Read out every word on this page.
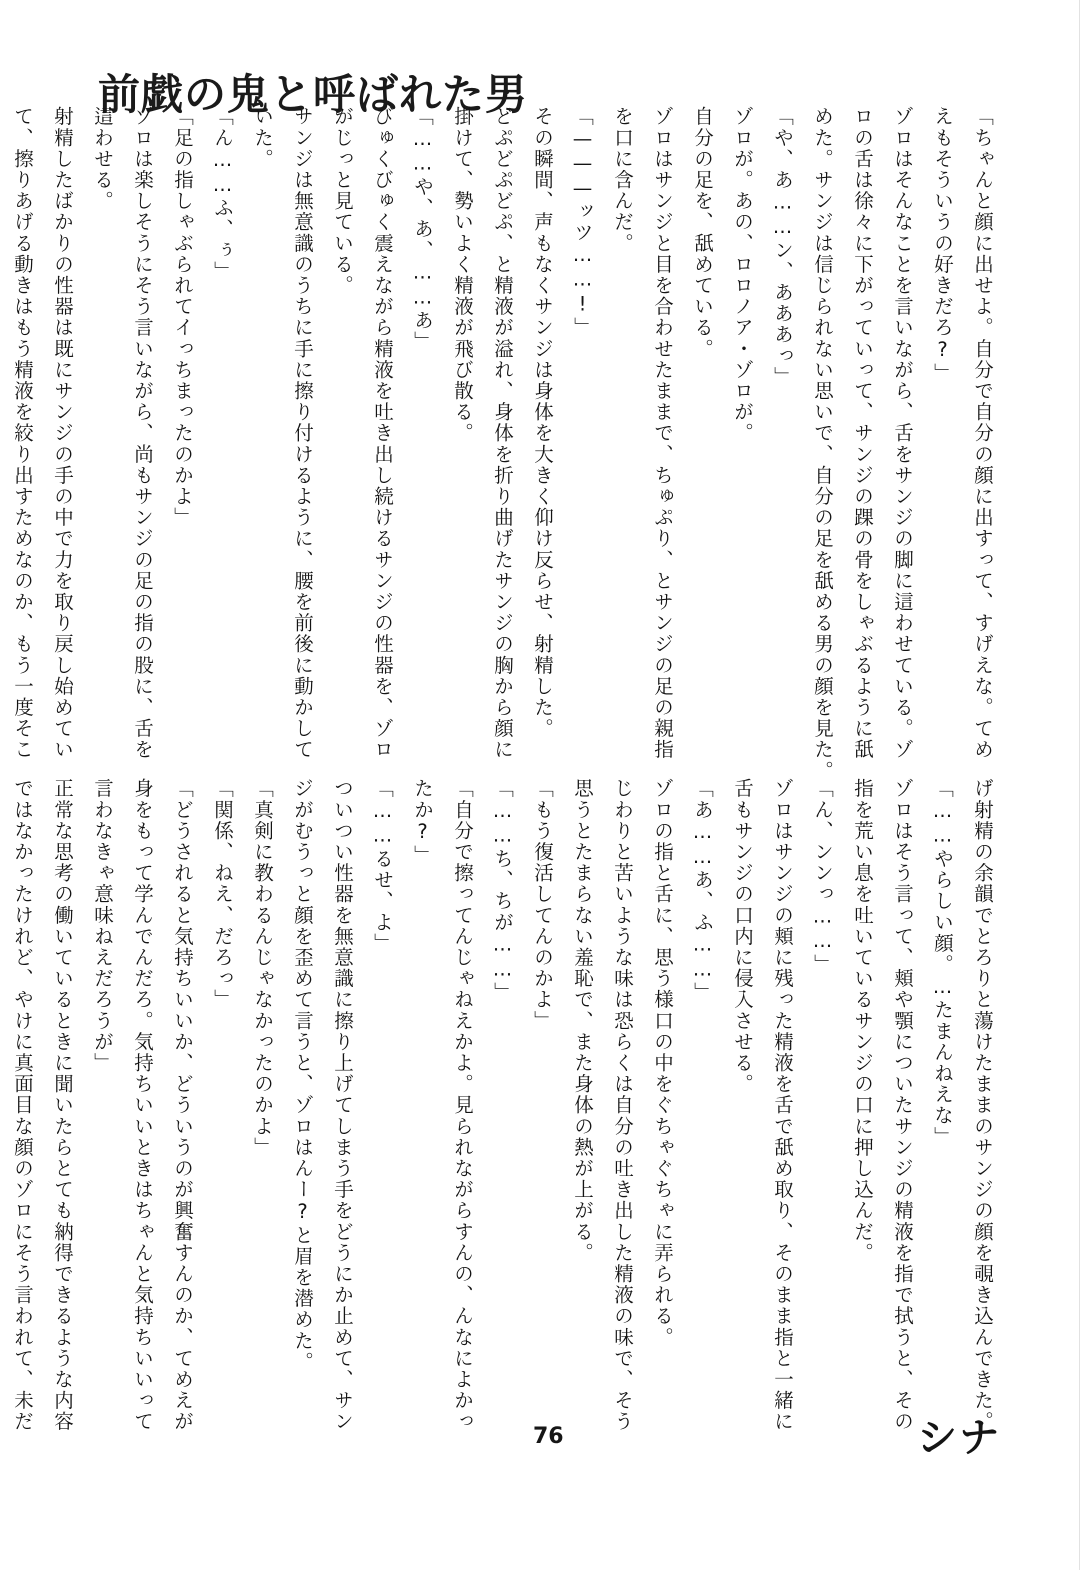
前戯の鬼と呼ばれた男
「ちゃんと顔に出せよ。自分で自分の顔に出すって、すげえな。てめ
えもそういうの好きだろ?」
ゾロはそんなことを言いながら、舌をサンジの脚に這わせている。ゾ
ロの舌は徐々に下がっていって、サンジの踝の骨をしゃぶるように舐
めた。サンジは信じられない思いで、自分の足を舐める男の顔を見た。
「や、あ……ン、あああっ」
ゾロが。あの、ロロノア・ゾロが。
自分の足を、舐めている。
ゾロはサンジと目を合わせたままで、ちゅぷり、とサンジの足の親指
を口に含んだ。
「———ッツ……!」
その瞬間、声もなくサンジは身体を大きく仰け反らせ、射精した。
どぷどぷどぷ、と精液が溢れ、身体を折り曲げたサンジの胸から顔に
掛けて、勢いよく精液が飛び散る。
「……や、あ、……あ」
びゅくびゅく震えながら精液を吐き出し続けるサンジの性器を、ゾロ
がじっと見ている。
サンジは無意識のうちに手に擦り付けるように、腰を前後に動かして
いた。
「ん……ふ、ぅ」
「足の指しゃぶられてイっちまったのかよ」
ゾロは楽しそうにそう言いながら、尚もサンジの足の指の股に、舌を
這わせる。
射精したばかりの性器は既にサンジの手の中で力を取り戻し始めてい
て、擦りあげる動きはもう精液を絞り出すためなのか、もう一度そこ
げ射精の余韻でとろりと蕩けたままのサンジの顔を覗き込んできた。
「……やらしい顔。…たまんねえな」
ゾロはそう言って、頬や顎についたサンジの精液を指で拭うと、その
指を荒い息を吐いているサンジの口に押し込んだ。
「ん、ンンっ……」
ゾロはサンジの頬に残った精液を舌で舐め取り、そのまま指と一緒に
舌もサンジの口内に侵入させる。
「あ……あ、ふ……」
ゾロの指と舌に、思う様口の中をぐちゃぐちゃに弄られる。
じわりと苦いような味は恐らくは自分の吐き出した精液の味で、そう
思うとたまらない羞恥で、また身体の熱が上がる。
「もう復活してんのかよ」
「……ち、ちが……」
「自分で擦ってんじゃねえかよ。見られながらすんの、んなによかっ
たか?」
「……るせ、よ」
ついつい性器を無意識に擦り上げてしまう手をどうにか止めて、サン
ジがむうっと顔を歪めて言うと、ゾロはんー?と眉を潜めた。
「真剣に教わるんじゃなかったのかよ」
「関係、ねえ、だろっ」
「どうされると気持ちいいか、どういうのが興奮すんのか、てめえが
身をもって学んでんだろ。気持ちいいときはちゃんと気持ちいいって
言わなきゃ意味ねえだろうが」
正常な思考の働いているときに聞いたらとても納得できるような内容
ではなかったけれど、やけに真面目な顔のゾロにそう言われて、未だ
76	シナ
